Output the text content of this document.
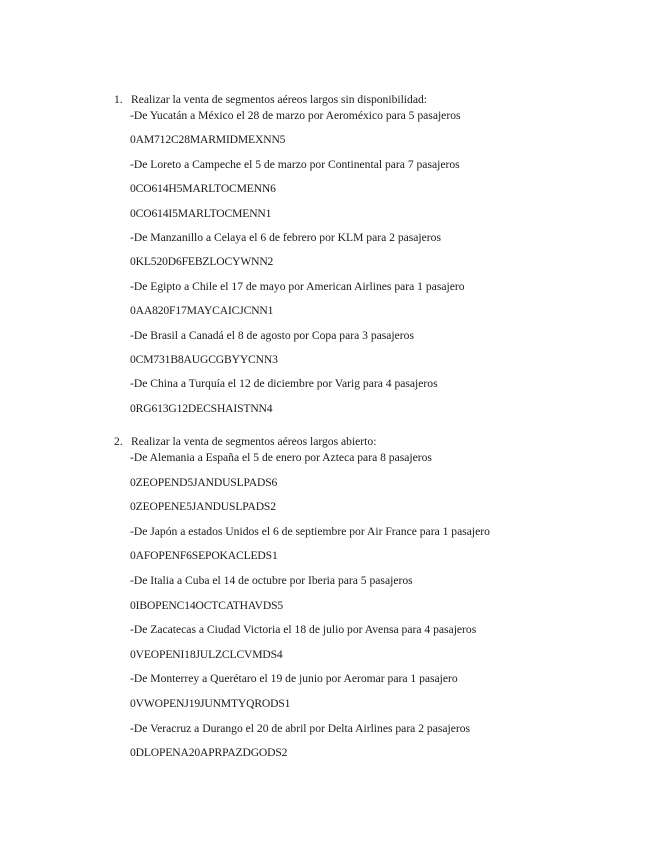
1. Realizar la venta de segmentos aéreos largos sin disponibilidad:
-De Yucatán a México el 28 de marzo por Aeroméxico para 5 pasajeros
0AM712C28MARMIDMEXNN5
-De Loreto a Campeche el 5 de marzo por Continental para 7 pasajeros
0CO614H5MARLTOCMENN6
0CO614I5MARLTOCMENN1
-De Manzanillo a Celaya el 6 de febrero por KLM para 2 pasajeros
0KL520D6FEBZLOCYWNN2
-De Egipto a Chile el 17 de mayo por American Airlines para 1 pasajero
0AA820F17MAYCAICJCNN1
-De Brasil a Canadá el 8 de agosto por Copa para 3 pasajeros
0CM731B8AUGCGBYYCNN3
-De China a Turquía el 12 de diciembre por Varig para 4 pasajeros
0RG613G12DECSHAISTNN4
2. Realizar la venta de segmentos aéreos largos abierto:
-De Alemania a España el 5 de enero por Azteca para 8 pasajeros
0ZEOPEND5JANDUSLPADS6
0ZEOPENE5JANDUSLPADS2
-De Japón a estados Unidos el 6 de septiembre por Air France para 1 pasajero
0AFOPENF6SEPOKACLEDS1
-De Italia a Cuba el 14 de octubre por Iberia para 5 pasajeros
0IBOPENC14OCTCATHAVDS5
-De Zacatecas a Ciudad Victoria el 18 de julio por Avensa para 4 pasajeros
0VEOPENI18JULZCLCVMDS4
-De Monterrey a Querétaro el 19 de junio por Aeromar para 1 pasajero
0VWOPENJ19JUNMTYQRODS1
-De Veracruz a Durango el 20 de abril por Delta Airlines para 2 pasajeros
0DLOPENA20APRPAZDGODS2
